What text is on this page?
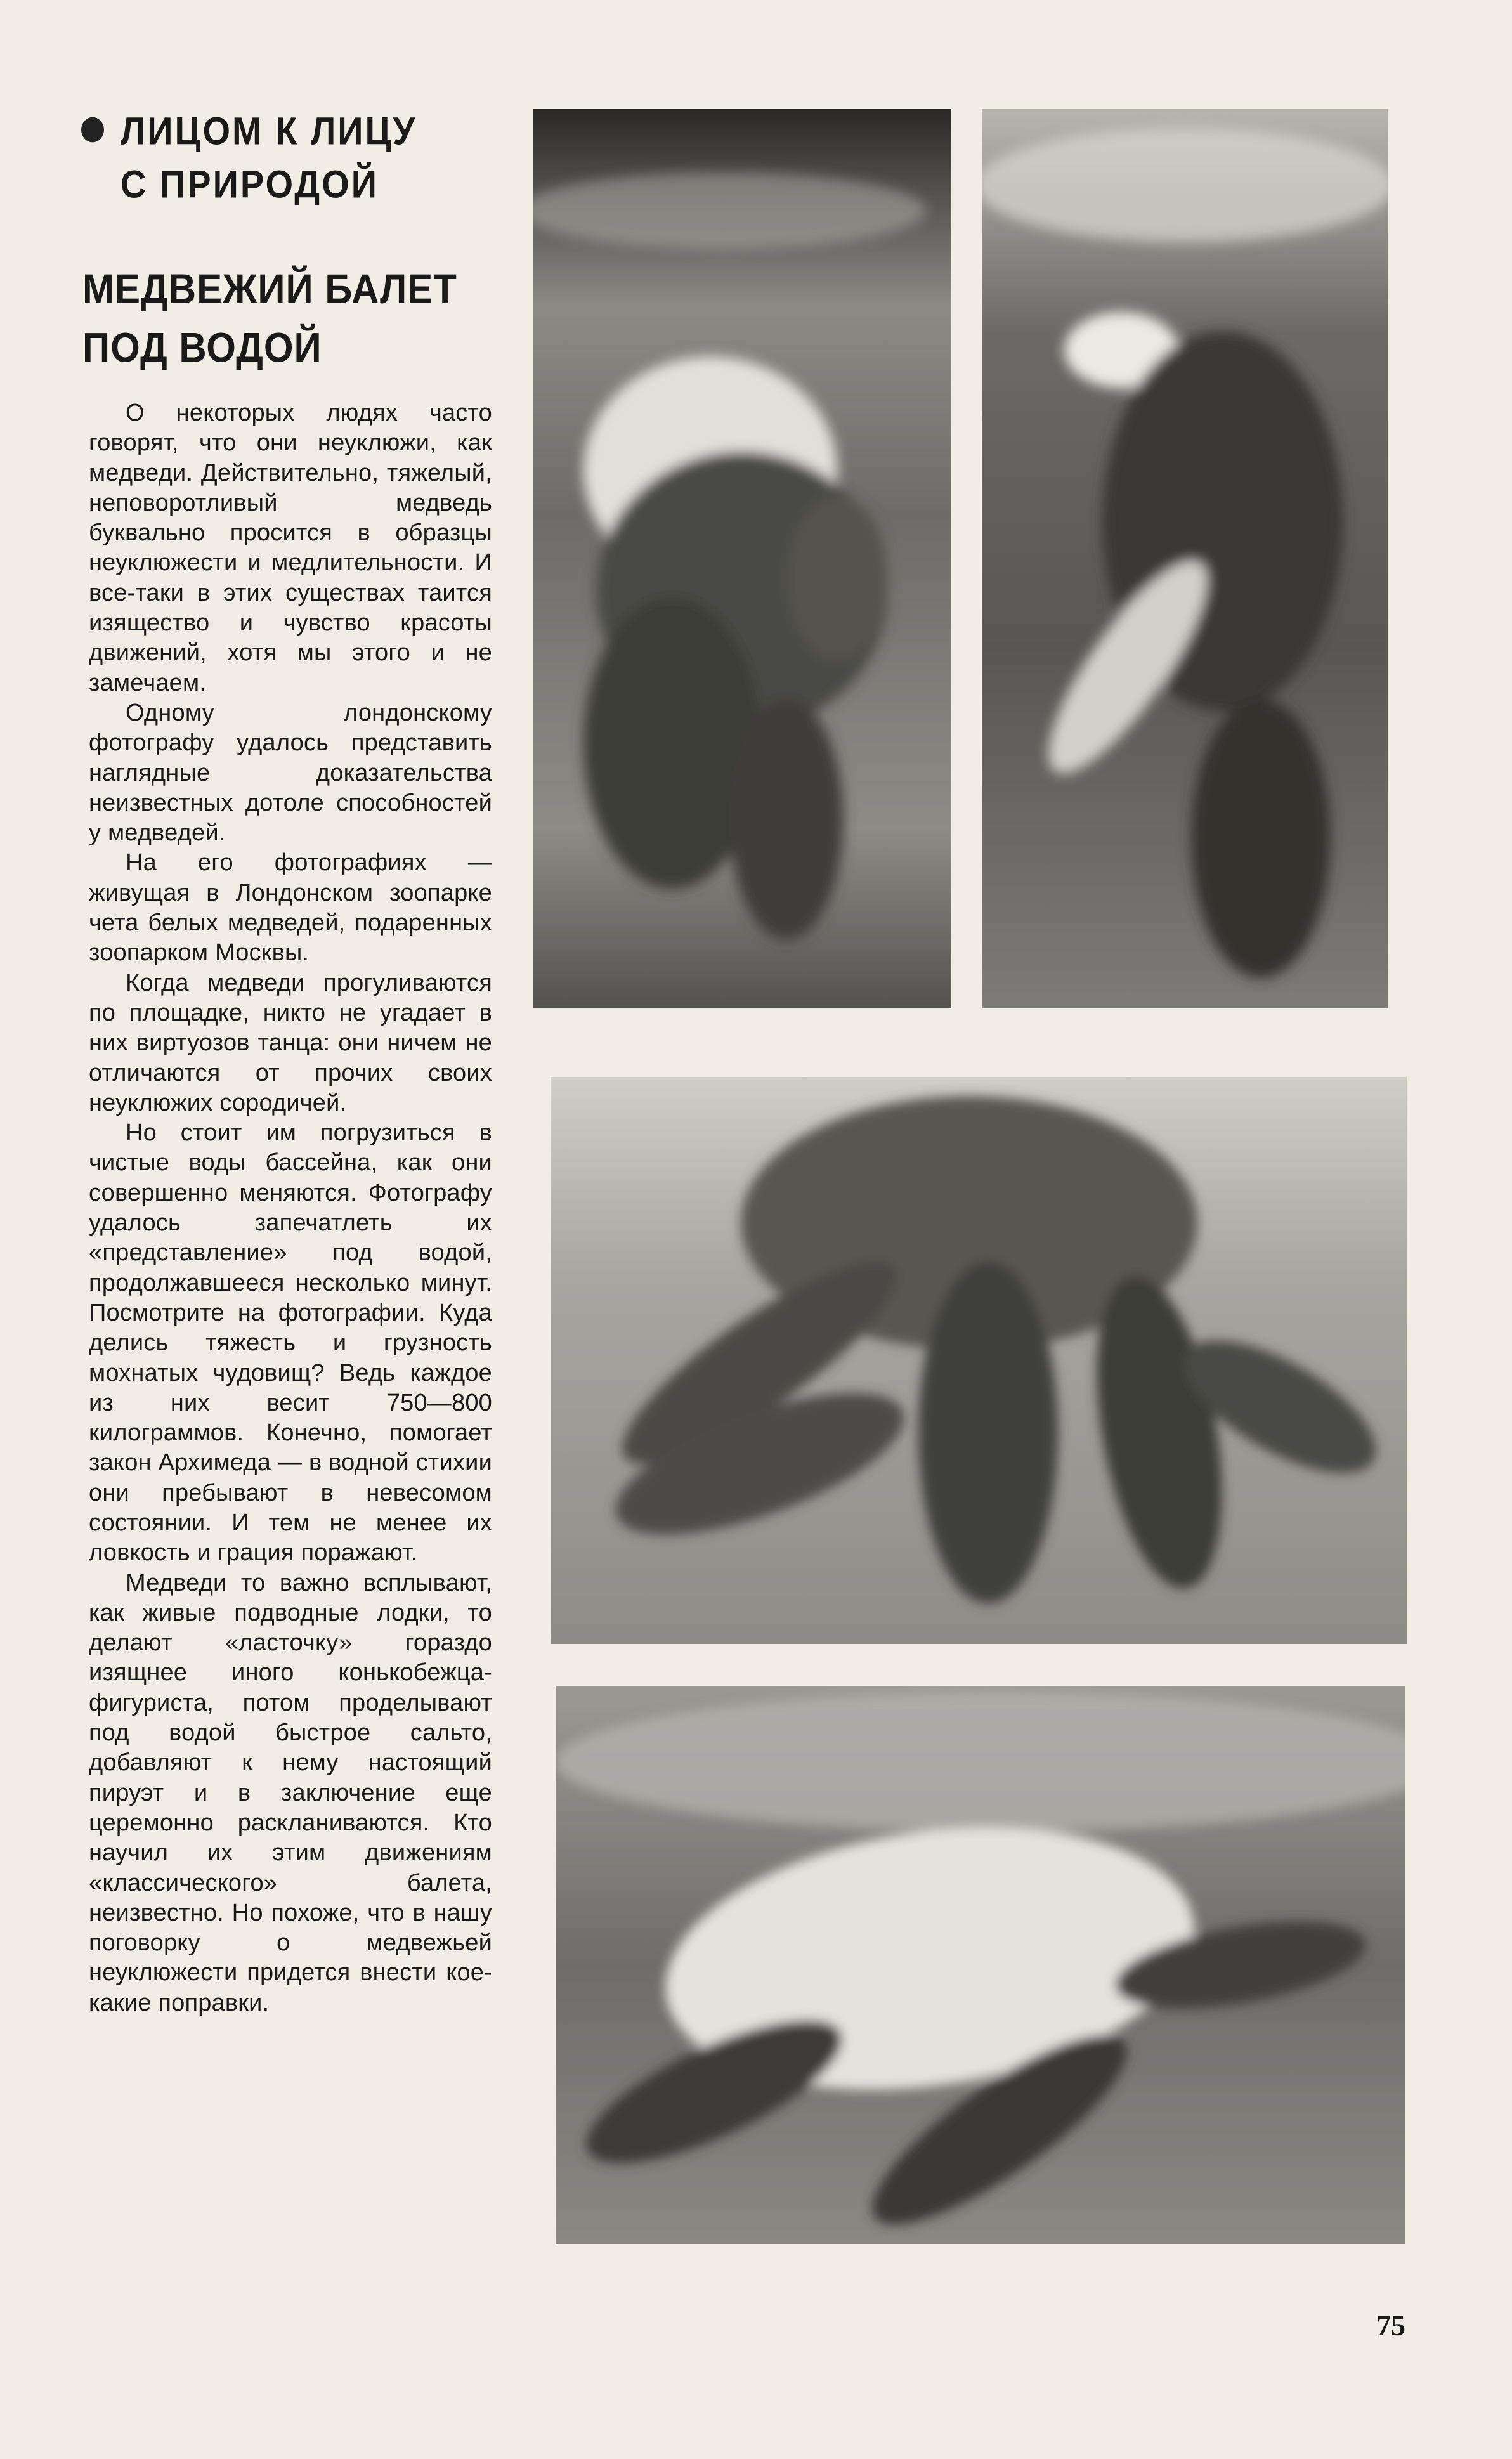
ЛИЦОМ К ЛИЦУ
С ПРИРОДОЙ
МЕДВЕЖИЙ БАЛЕТ
ПОД ВОДОЙ

О некоторых людях часто говорят, что они неуклюжи, как медведи. Действительно, тяжелый, неповоротливый медведь буквально просится в образцы неуклюжести и медлительности. И все-таки в этих существах таится изящество и чувство красоты движений, хотя мы этого и не замечаем.

Одному лондонскому фотографу удалось представить наглядные доказательства неизвестных дотоле способностей у медведей.

На его фотографиях — живущая в Лондонском зоопарке чета белых медведей, подаренных зоопарком Москвы.

Когда медведи прогуливаются по площадке, никто не угадает в них виртуозов танца: они ничем не отличаются от прочих своих неуклюжих сородичей.

Но стоит им погрузиться в чистые воды бассейна, как они совершенно меняются. Фотографу удалось запечатлеть их «представление» под водой, продолжавшееся несколько минут. Посмотрите на фотографии. Куда делись тяжесть и грузность мохнатых чудовищ? Ведь каждое из них весит 750—800 килограммов. Конечно, помогает закон Архимеда — в водной стихии они пребывают в невесомом состоянии. И тем не менее их ловкость и грация поражают.

Медведи то важно всплывают, как живые подводные лодки, то делают «ласточку» гораздо изящнее иного конькобежца-фигуриста, потом проделывают под водой быстрое сальто, добавляют к нему настоящий пируэт и в заключение еще церемонно раскланиваются. Кто научил их этим движениям «классического» балета, неизвестно. Но похоже, что в нашу поговорку о медвежьей неуклюжести придется внести кое-какие поправки.

75
